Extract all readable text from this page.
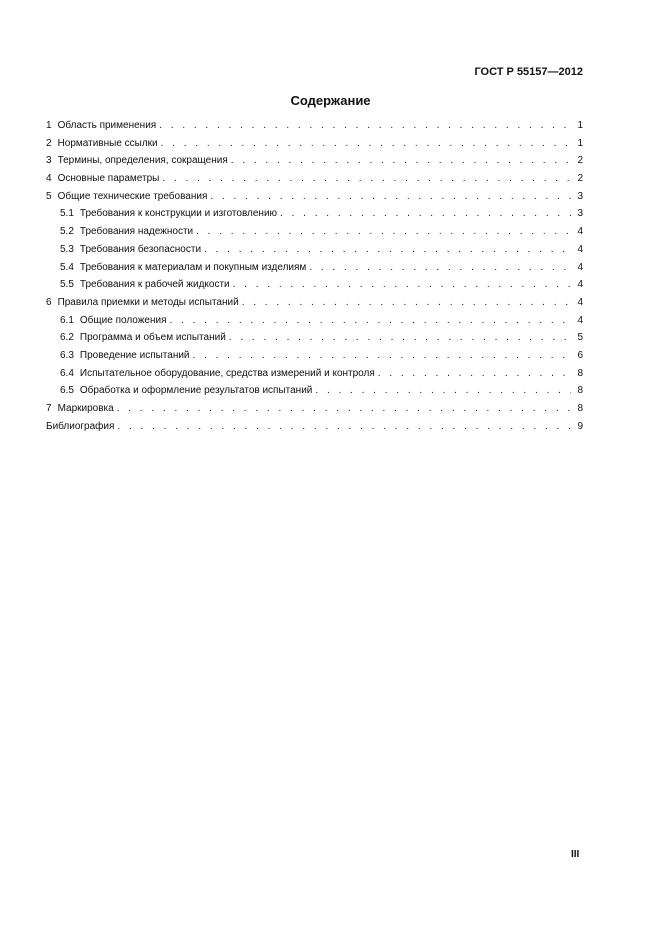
ГОСТ Р 55157—2012
Содержание
1 Область применения . . .	1
2 Нормативные ссылки . . .	1
3 Термины, определения, сокращения . . .	2
4 Основные параметры . . .	2
5 Общие технические требования . . .	3
5.1 Требования к конструкции и изготовлению . . .	3
5.2 Требования надежности . . .	4
5.3 Требования безопасности . . .	4
5.4 Требования к материалам и покупным изделиям . . .	4
5.5 Требования к рабочей жидкости . . .	4
6 Правила приемки и методы испытаний . . .	4
6.1 Общие положения . . .	4
6.2 Программа и объем испытаний . . .	5
6.3 Проведение испытаний . . .	6
6.4 Испытательное оборудование, средства измерений и контроля . . .	8
6.5 Обработка и оформление результатов испытаний . . .	8
7 Маркировка . . .	8
Библиография . . .	9
III
